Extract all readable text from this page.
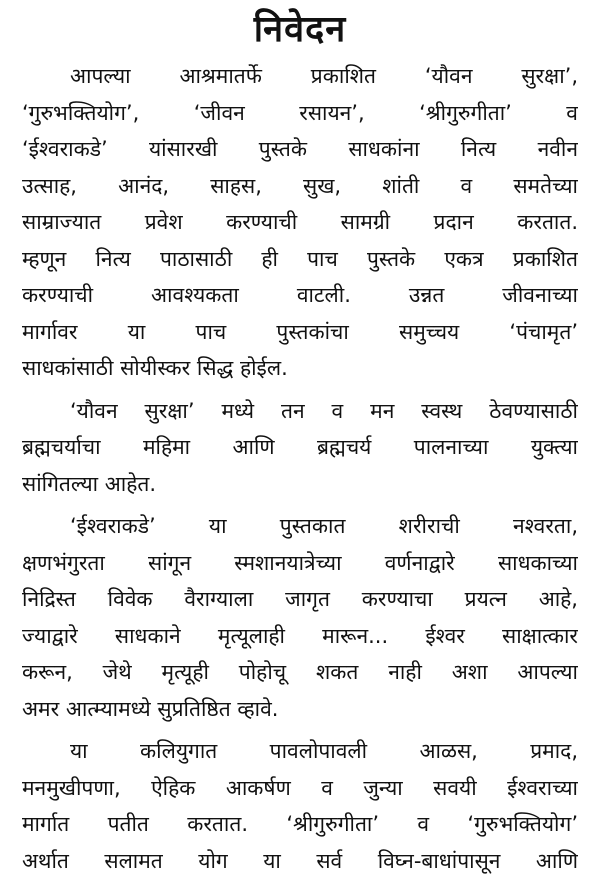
निवेदन
आपल्या आश्रमातर्फे प्रकाशित ‘यौवन सुरक्षा’,
‘गुरुभक्तियोग’, ‘जीवन रसायन’, ‘श्रीगुरुगीता’ व
‘ईश्वराकडे’ यांसारखी पुस्तके साधकांना नित्य नवीन
उत्साह, आनंद, साहस, सुख, शांती व समतेच्या
साम्राज्यात प्रवेश करण्याची सामग्री प्रदान करतात.
म्हणून नित्य पाठासाठी ही पाच पुस्तके एकत्र प्रकाशित
करण्याची आवश्यकता वाटली. उन्नत जीवनाच्या
मार्गावर या पाच पुस्तकांचा समुच्चय ‘पंचामृत’
साधकांसाठी सोयीस्कर सिद्ध होईल.
‘यौवन सुरक्षा’ मध्ये तन व मन स्वस्थ ठेवण्यासाठी
ब्रह्मचर्याचा महिमा आणि ब्रह्मचर्य पालनाच्या युक्त्या
सांगितल्या आहेत.
‘ईश्वराकडे’ या पुस्तकात शरीराची नश्वरता,
क्षणभंगुरता सांगून स्मशानयात्रेच्या वर्णनाद्वारे साधकाच्या
निद्रिस्त विवेक वैराग्याला जागृत करण्याचा प्रयत्न आहे,
ज्याद्वारे साधकाने मृत्यूलाही मारून... ईश्वर साक्षात्कार
करून, जेथे मृत्यूही पोहोचू शकत नाही अशा आपल्या
अमर आत्म्यामध्ये सुप्रतिष्ठित व्हावे.
या कलियुगात पावलोपावली आळस, प्रमाद,
मनमुखीपणा, ऐहिक आकर्षण व जुन्या सवयी ईश्वराच्या
मार्गात पतीत करतात. ‘श्रीगुरुगीता’ व ‘गुरुभक्तियोग’
अर्थात सलामत योग या सर्व विघ्न-बाधांपासून आणि
